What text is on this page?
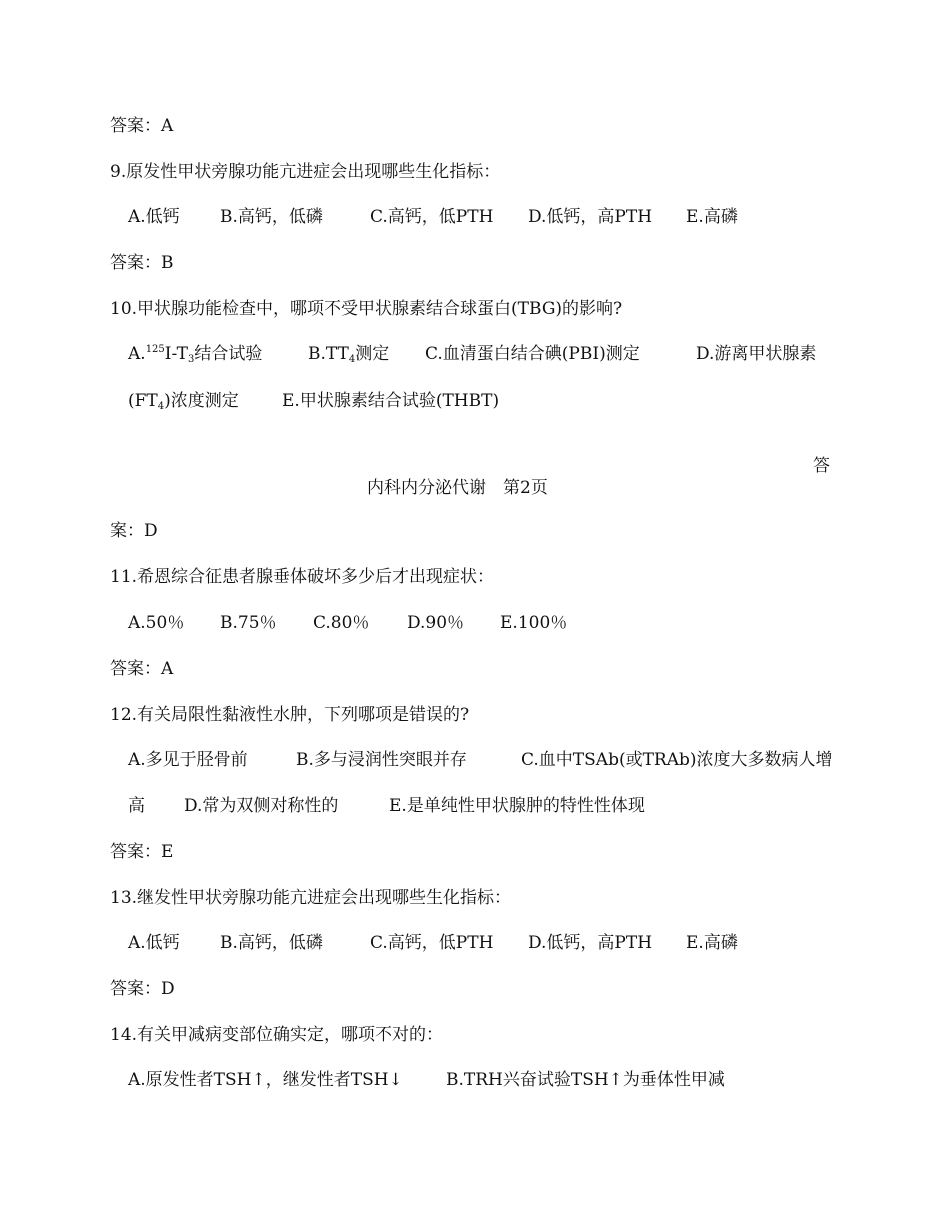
答案：A
9.原发性甲状旁腺功能亢进症会出现哪些生化指标：
A.低钙 B.高钙，低磷	C.高钙，低PTH D.低钙，高PTH E.高磷
答案：B
10.甲状腺功能检查中，哪项不受甲状腺素结合球蛋白(TBG)的影响?
$A.^{125}I-T_3$结合试验	$B.TT_4$测定 C.血清蛋白结合碘(PBI)测定	D.游离甲状腺素
$(FT_4)$浓度测定	E.甲状腺素结合试验(THBT)
答
内科内分泌代谢　第2页
案：D
11.希恩综合征患者腺垂体破坏多少后才出现症状：
A.50％ B.75％ C.80％ D.90％ E.100％
答案：A
12.有关局限性黏液性水肿，下列哪项是错误的?
A.多见于胫骨前	B.多与浸润性突眼并存	C.血中TSAb(或TRAb)浓度大多数病人增
高 D.常为双侧对称性的	E.是单纯性甲状腺肿的特性性体现
答案：E
13.继发性甲状旁腺功能亢进症会出现哪些生化指标：
A.低钙 B.高钙，低磷	C.高钙，低PTH D.低钙，高PTH E.高磷
答案：D
14.有关甲减病变部位确实定，哪项不对的：
A.原发性者TSH↑，继发性者TSH↓	B.TRH兴奋试验TSH↑为垂体性甲减
